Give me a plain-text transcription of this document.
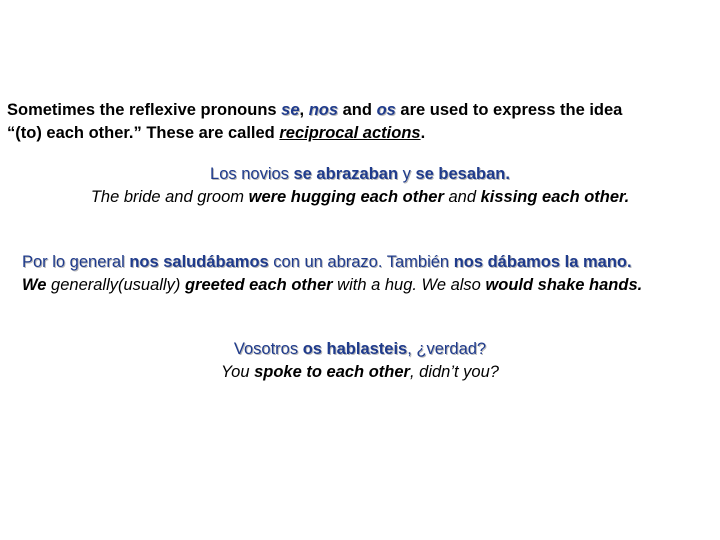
Sometimes the reflexive pronouns se, nos and os are used to express the idea
“(to) each other.” These are called reciprocal actions.
Los novios se abrazaban y se besaban.
The bride and groom were hugging each other and kissing each other.
Por lo general nos saludábamos con un abrazo. También nos dábamos la mano.
We generally(usually) greeted each other with a hug. We also would shake hands.
Vosotros os hablasteis, ¿verdad?
You spoke to each other, didn’t you?
